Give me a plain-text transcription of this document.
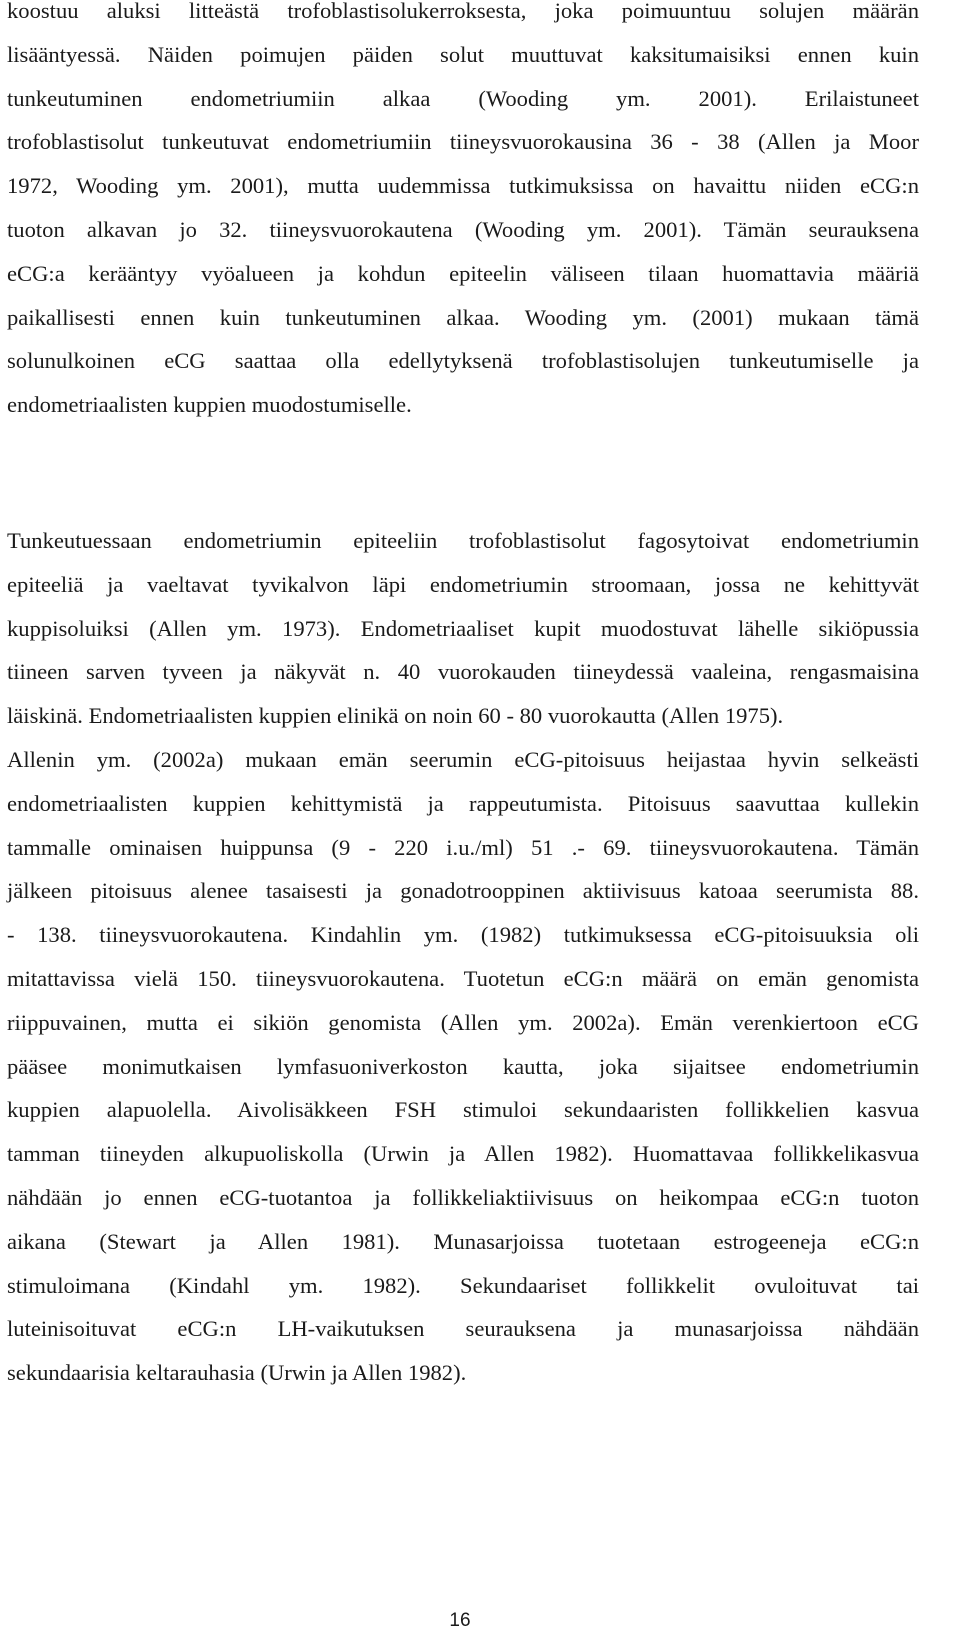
koostuu aluksi litteästä trofoblastisolukerroksesta, joka poimuuntuu solujen määrän
lisääntyessä. Näiden poimujen päiden solut muuttuvat kaksitumaisiksi ennen kuin
tunkeutuminen endometriumiin alkaa (Wooding ym. 2001). Erilaistuneet
trofoblastisolut tunkeutuvat endometriumiin tiineysvuorokausina 36 - 38 (Allen ja Moor
1972, Wooding ym. 2001), mutta uudemmissa tutkimuksissa on havaittu niiden eCG:n
tuoton alkavan jo 32. tiineysvuorokautena (Wooding ym. 2001). Tämän seurauksena
eCG:a kerääntyy vyöalueen ja kohdun epiteelin väliseen tilaan huomattavia määriä
paikallisesti ennen kuin tunkeutuminen alkaa. Wooding ym. (2001) mukaan tämä
solunulkoinen eCG saattaa olla edellytyksenä trofoblastisolujen tunkeutumiselle ja
endometriaalisten kuppien muodostumiselle.
Tunkeutuessaan endometriumin epiteeliin trofoblastisolut fagosytoivat endometriumin
epiteeliä ja vaeltavat tyvikalvon läpi endometriumin stroomaan, jossa ne kehittyvät
kuppisoluiksi (Allen ym. 1973). Endometriaaliset kupit muodostuvat lähelle sikiöpussia
tiineen sarven tyveen ja näkyvät n. 40 vuorokauden tiineydessä vaaleina, rengasmaisina
läiskinä. Endometriaalisten kuppien elinikä on noin 60 - 80 vuorokautta (Allen 1975).
Allenin ym. (2002a) mukaan emän seerumin eCG-pitoisuus heijastaa hyvin selkeästi
endometriaalisten kuppien kehittymistä ja rappeutumista. Pitoisuus saavuttaa kullekin
tammalle ominaisen huippunsa (9 - 220 i.u./ml) 51 .- 69. tiineysvuorokautena. Tämän
jälkeen pitoisuus alenee tasaisesti ja gonadotrooppinen aktiivisuus katoaa seerumista 88.
- 138. tiineysvuorokautena. Kindahlin ym. (1982) tutkimuksessa eCG-pitoisuuksia oli
mitattavissa vielä 150. tiineysvuorokautena. Tuotetun eCG:n määrä on emän genomista
riippuvainen, mutta ei sikiön genomista (Allen ym. 2002a). Emän verenkiertoon eCG
pääsee monimutkaisen lymfasuoniverkoston kautta, joka sijaitsee endometriumin
kuppien alapuolella. Aivolisäkkeen FSH stimuloi sekundaaristen follikkelien kasvua
tamman tiineyden alkupuoliskolla (Urwin ja Allen 1982). Huomattavaa follikkelikasvua
nähdään jo ennen eCG-tuotantoa ja follikkeliaktiivisuus on heikompaa eCG:n tuoton
aikana (Stewart ja Allen 1981). Munasarjoissa tuotetaan estrogeeneja eCG:n
stimuloimana (Kindahl ym. 1982). Sekundaariset follikkelit ovuloituvat tai
luteinisoituvat eCG:n LH-vaikutuksen seurauksena ja munasarjoissa nähdään
sekundaarisia keltarauhasia (Urwin ja Allen 1982).
16
